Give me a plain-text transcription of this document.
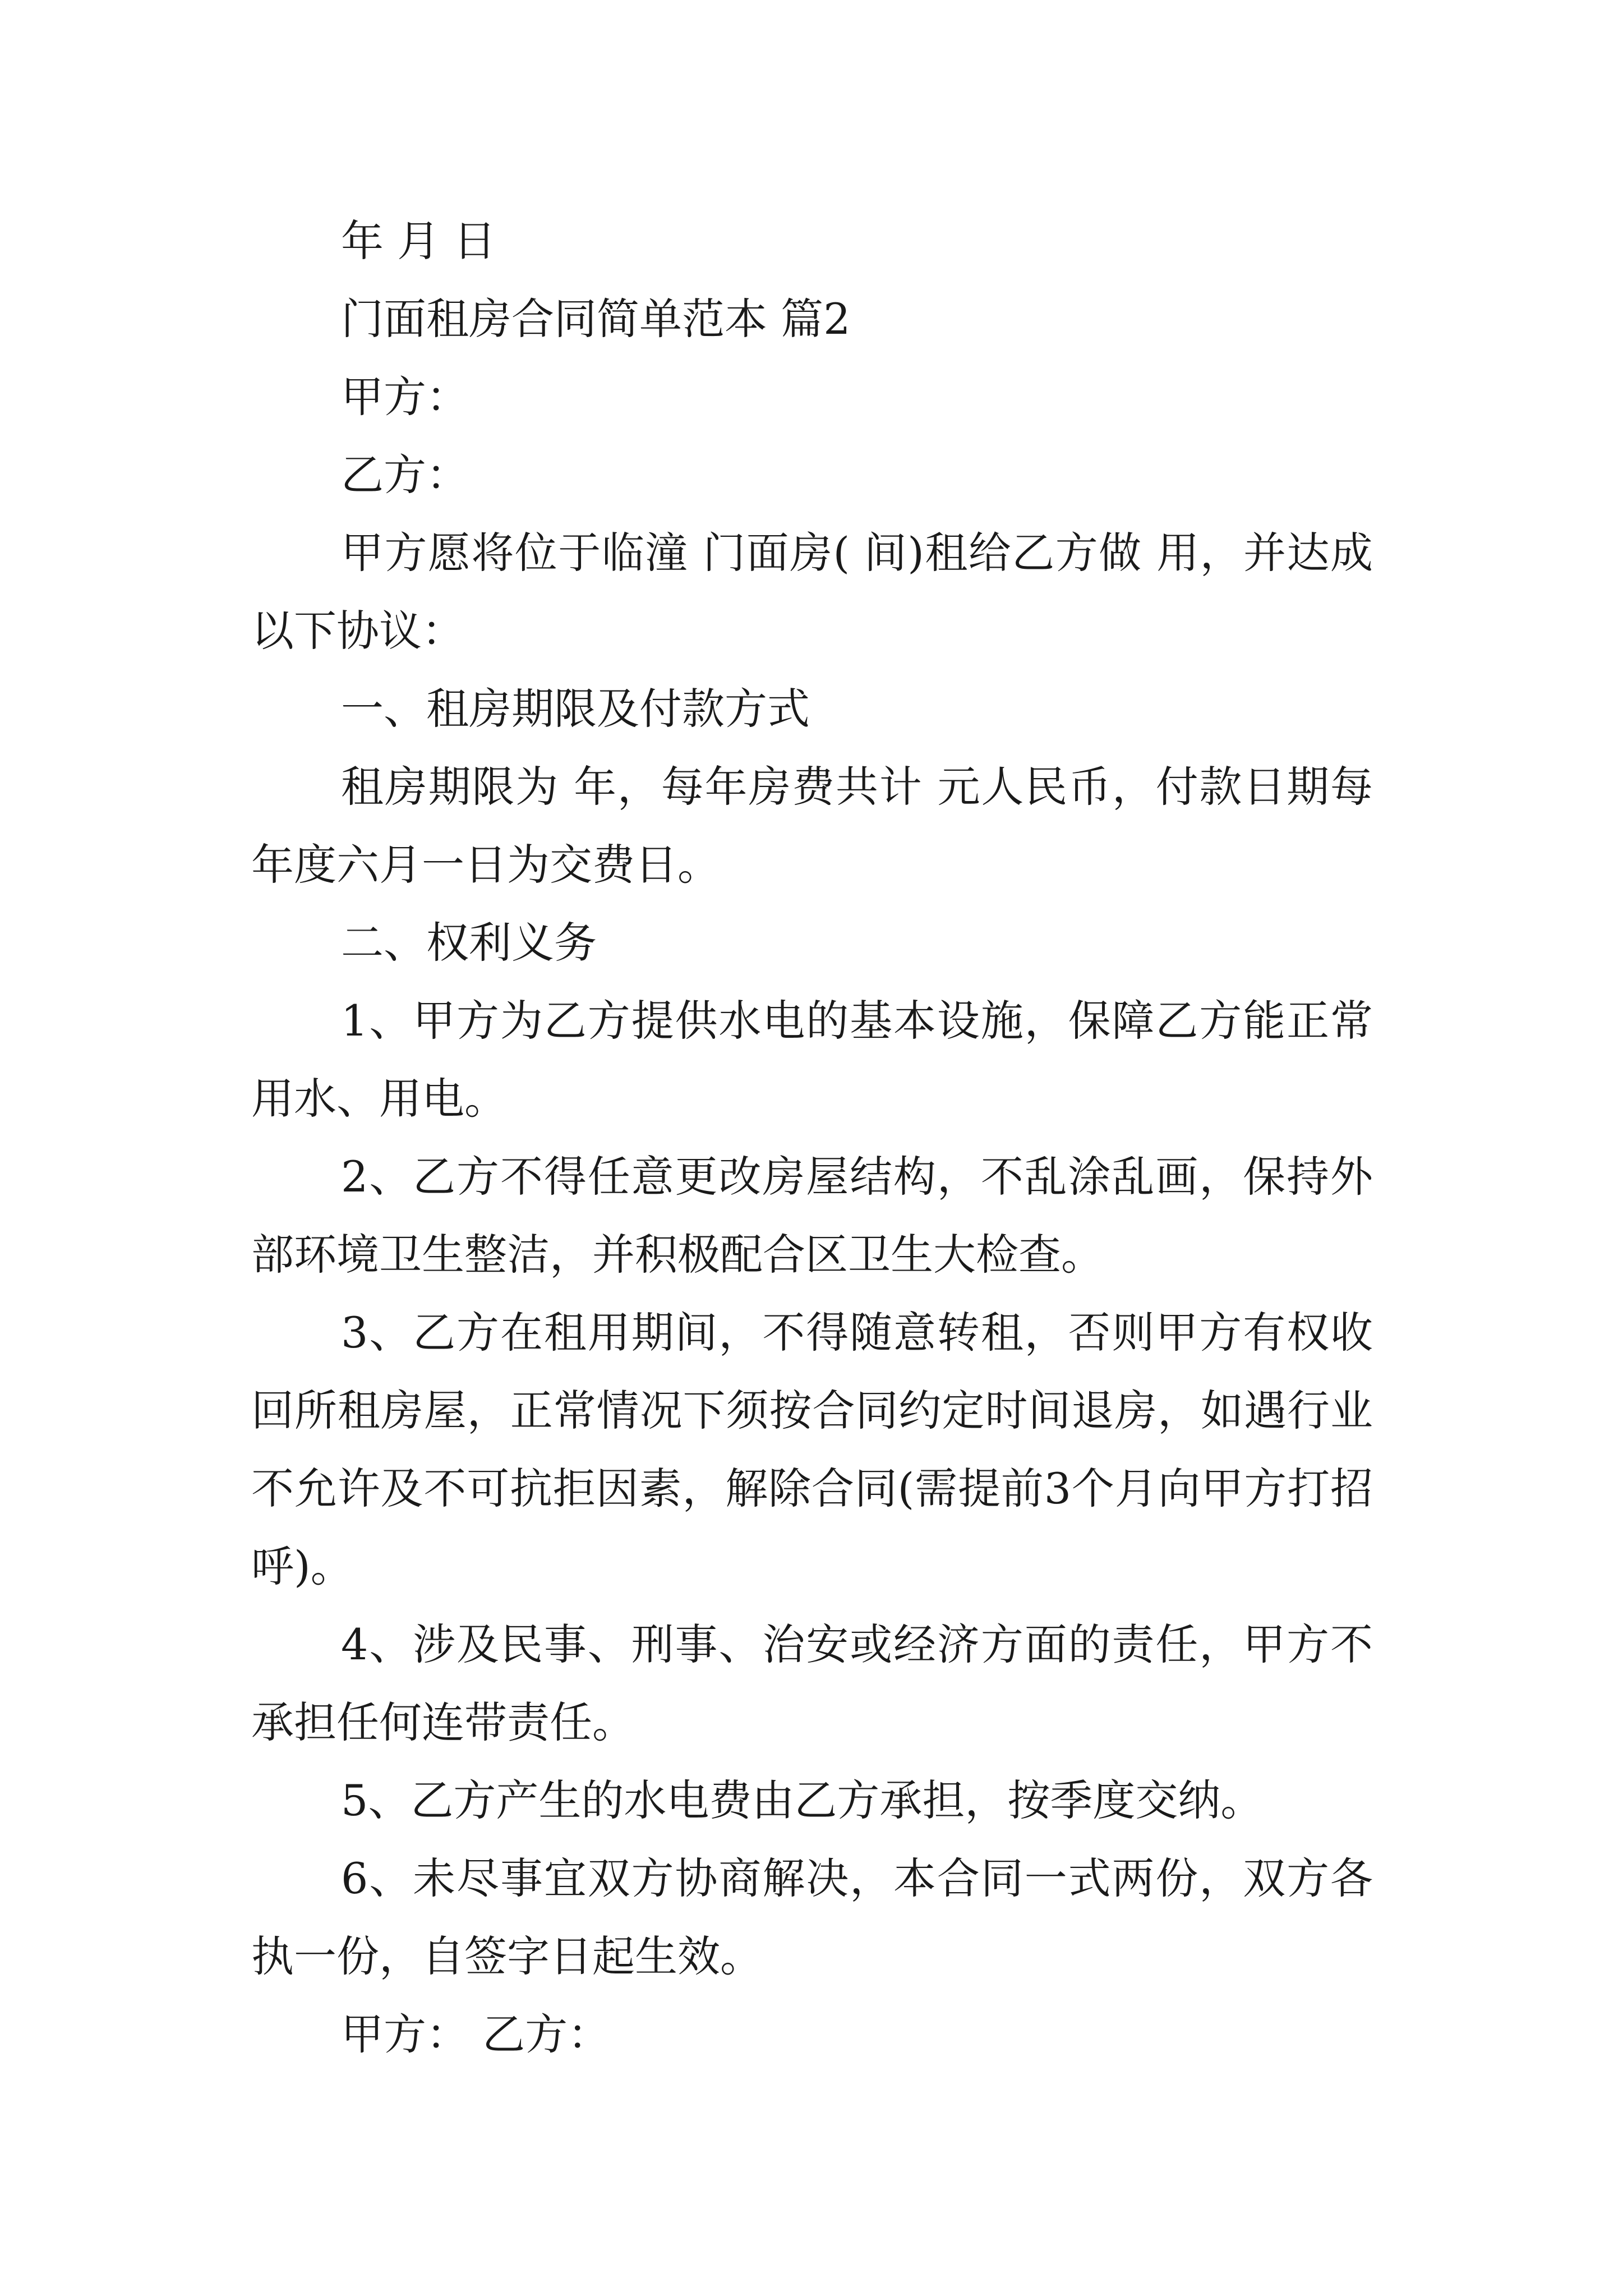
年 月 日

门面租房合同简单范本 篇2

甲方：

乙方：

甲方愿将位于临潼 门面房( 间)租给乙方做 用，并达成以下协议：

一、租房期限及付款方式

租房期限为 年，每年房费共计 元人民币，付款日期每年度六月一日为交费日。

二、权利义务

1、甲方为乙方提供水电的基本设施，保障乙方能正常用水、用电。

2、乙方不得任意更改房屋结构，不乱涂乱画，保持外部环境卫生整洁，并积极配合区卫生大检查。

3、乙方在租用期间，不得随意转租，否则甲方有权收回所租房屋，正常情况下须按合同约定时间退房，如遇行业不允许及不可抗拒因素，解除合同(需提前3个月向甲方打招呼)。

4、涉及民事、刑事、治安或经济方面的责任，甲方不承担任何连带责任。

5、乙方产生的水电费由乙方承担，按季度交纳。

6、未尽事宜双方协商解决，本合同一式两份，双方各执一份，自签字日起生效。

甲方： 乙方：
